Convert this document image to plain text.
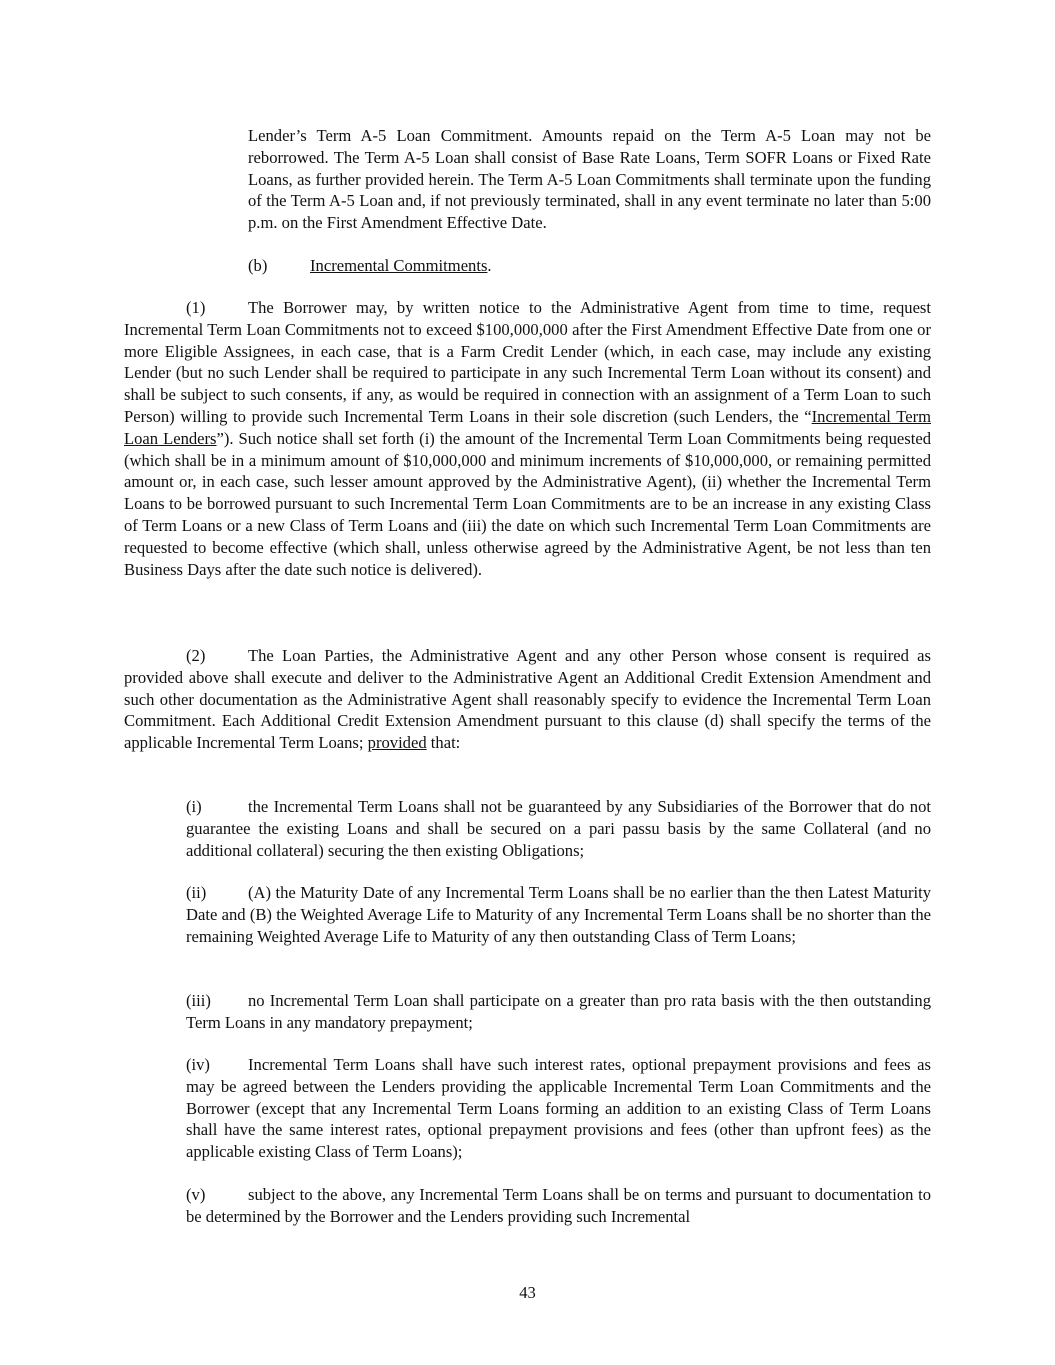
Lender’s Term A-5 Loan Commitment. Amounts repaid on the Term A-5 Loan may not be reborrowed. The Term A-5 Loan shall consist of Base Rate Loans, Term SOFR Loans or Fixed Rate Loans, as further provided herein. The Term A-5 Loan Commitments shall terminate upon the funding of the Term A-5 Loan and, if not previously terminated, shall in any event terminate no later than 5:00 p.m. on the First Amendment Effective Date.
(b)	Incremental Commitments.
(1)	The Borrower may, by written notice to the Administrative Agent from time to time, request Incremental Term Loan Commitments not to exceed $100,000,000 after the First Amendment Effective Date from one or more Eligible Assignees, in each case, that is a Farm Credit Lender (which, in each case, may include any existing Lender (but no such Lender shall be required to participate in any such Incremental Term Loan without its consent) and shall be subject to such consents, if any, as would be required in connection with an assignment of a Term Loan to such Person) willing to provide such Incremental Term Loans in their sole discretion (such Lenders, the “Incremental Term Loan Lenders”). Such notice shall set forth (i) the amount of the Incremental Term Loan Commitments being requested (which shall be in a minimum amount of $10,000,000 and minimum increments of $10,000,000, or remaining permitted amount or, in each case, such lesser amount approved by the Administrative Agent), (ii) whether the Incremental Term Loans to be borrowed pursuant to such Incremental Term Loan Commitments are to be an increase in any existing Class of Term Loans or a new Class of Term Loans and (iii) the date on which such Incremental Term Loan Commitments are requested to become effective (which shall, unless otherwise agreed by the Administrative Agent, be not less than ten Business Days after the date such notice is delivered).
(2)	The Loan Parties, the Administrative Agent and any other Person whose consent is required as provided above shall execute and deliver to the Administrative Agent an Additional Credit Extension Amendment and such other documentation as the Administrative Agent shall reasonably specify to evidence the Incremental Term Loan Commitment. Each Additional Credit Extension Amendment pursuant to this clause (d) shall specify the terms of the applicable Incremental Term Loans; provided that:
(i)	the Incremental Term Loans shall not be guaranteed by any Subsidiaries of the Borrower that do not guarantee the existing Loans and shall be secured on a pari passu basis by the same Collateral (and no additional collateral) securing the then existing Obligations;
(ii)	(A) the Maturity Date of any Incremental Term Loans shall be no earlier than the then Latest Maturity Date and (B) the Weighted Average Life to Maturity of any Incremental Term Loans shall be no shorter than the remaining Weighted Average Life to Maturity of any then outstanding Class of Term Loans;
(iii) no Incremental Term Loan shall participate on a greater than pro rata basis with the then outstanding Term Loans in any mandatory prepayment;
(iv) Incremental Term Loans shall have such interest rates, optional prepayment provisions and fees as may be agreed between the Lenders providing the applicable Incremental Term Loan Commitments and the Borrower (except that any Incremental Term Loans forming an addition to an existing Class of Term Loans shall have the same interest rates, optional prepayment provisions and fees (other than upfront fees) as the applicable existing Class of Term Loans);
(v)	subject to the above, any Incremental Term Loans shall be on terms and pursuant to documentation to be determined by the Borrower and the Lenders providing such Incremental
43
